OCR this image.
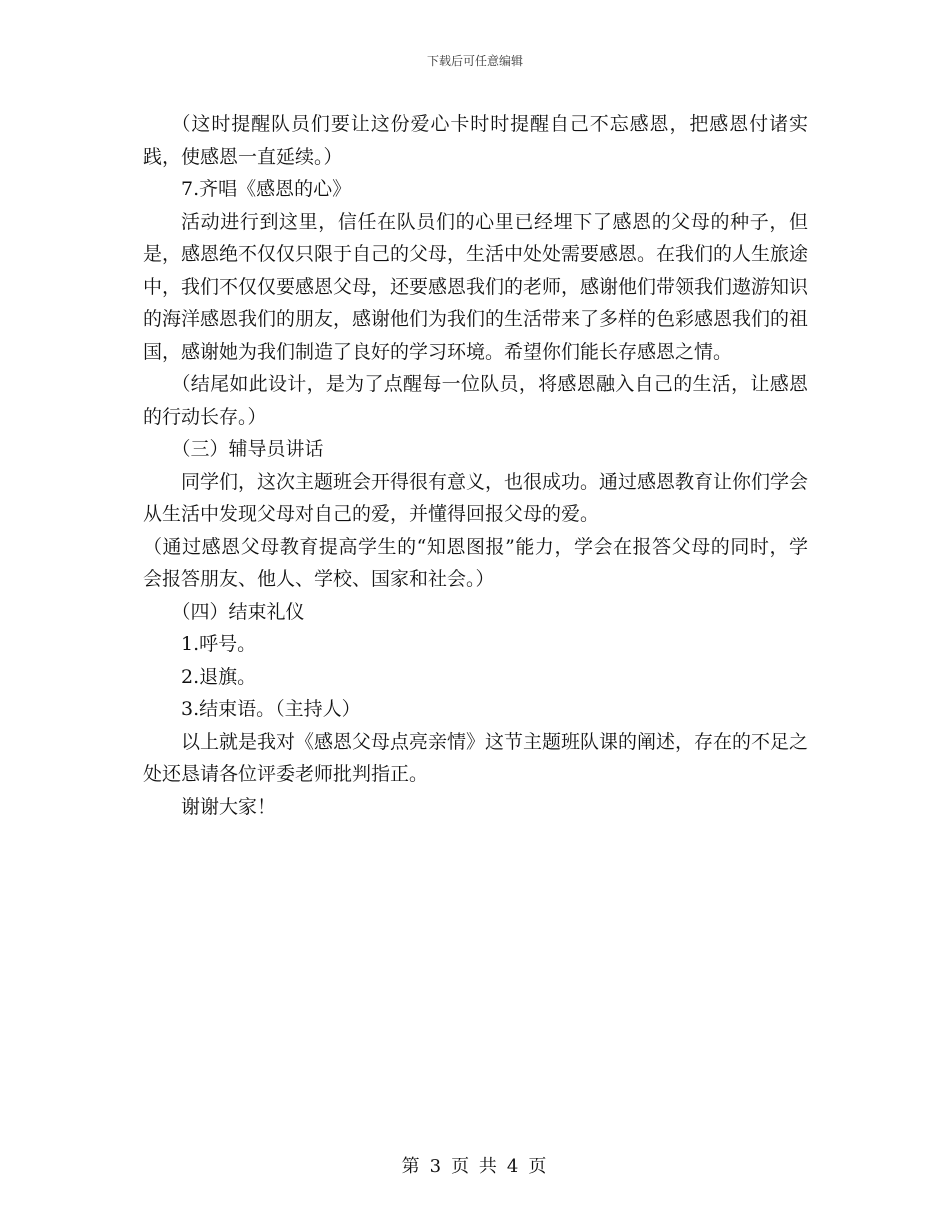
下载后可任意编辑

（这时提醒队员们要让这份爱心卡时时提醒自己不忘感恩，把感恩付诸实践，使感恩一直延续。）

7.齐唱《感恩的心》

活动进行到这里，信任在队员们的心里已经埋下了感恩的父母的种子，但是，感恩绝不仅仅只限于自己的父母，生活中处处需要感恩。在我们的人生旅途中，我们不仅仅要感恩父母，还要感恩我们的老师，感谢他们带领我们遨游知识的海洋感恩我们的朋友，感谢他们为我们的生活带来了多样的色彩感恩我们的祖国，感谢她为我们制造了良好的学习环境。希望你们能长存感恩之情。

（结尾如此设计，是为了点醒每一位队员，将感恩融入自己的生活，让感恩的行动长存。）

（三）辅导员讲话

同学们，这次主题班会开得很有意义，也很成功。通过感恩教育让你们学会从生活中发现父母对自己的爱，并懂得回报父母的爱。

（通过感恩父母教育提高学生的“知恩图报”能力，学会在报答父母的同时，学会报答朋友、他人、学校、国家和社会。）

（四）结束礼仪

1.呼号。

2.退旗。

3.结束语。（主持人）

以上就是我对《感恩父母点亮亲情》这节主题班队课的阐述，存在的不足之处还恳请各位评委老师批判指正。

谢谢大家！

第 3 页 共 4 页
